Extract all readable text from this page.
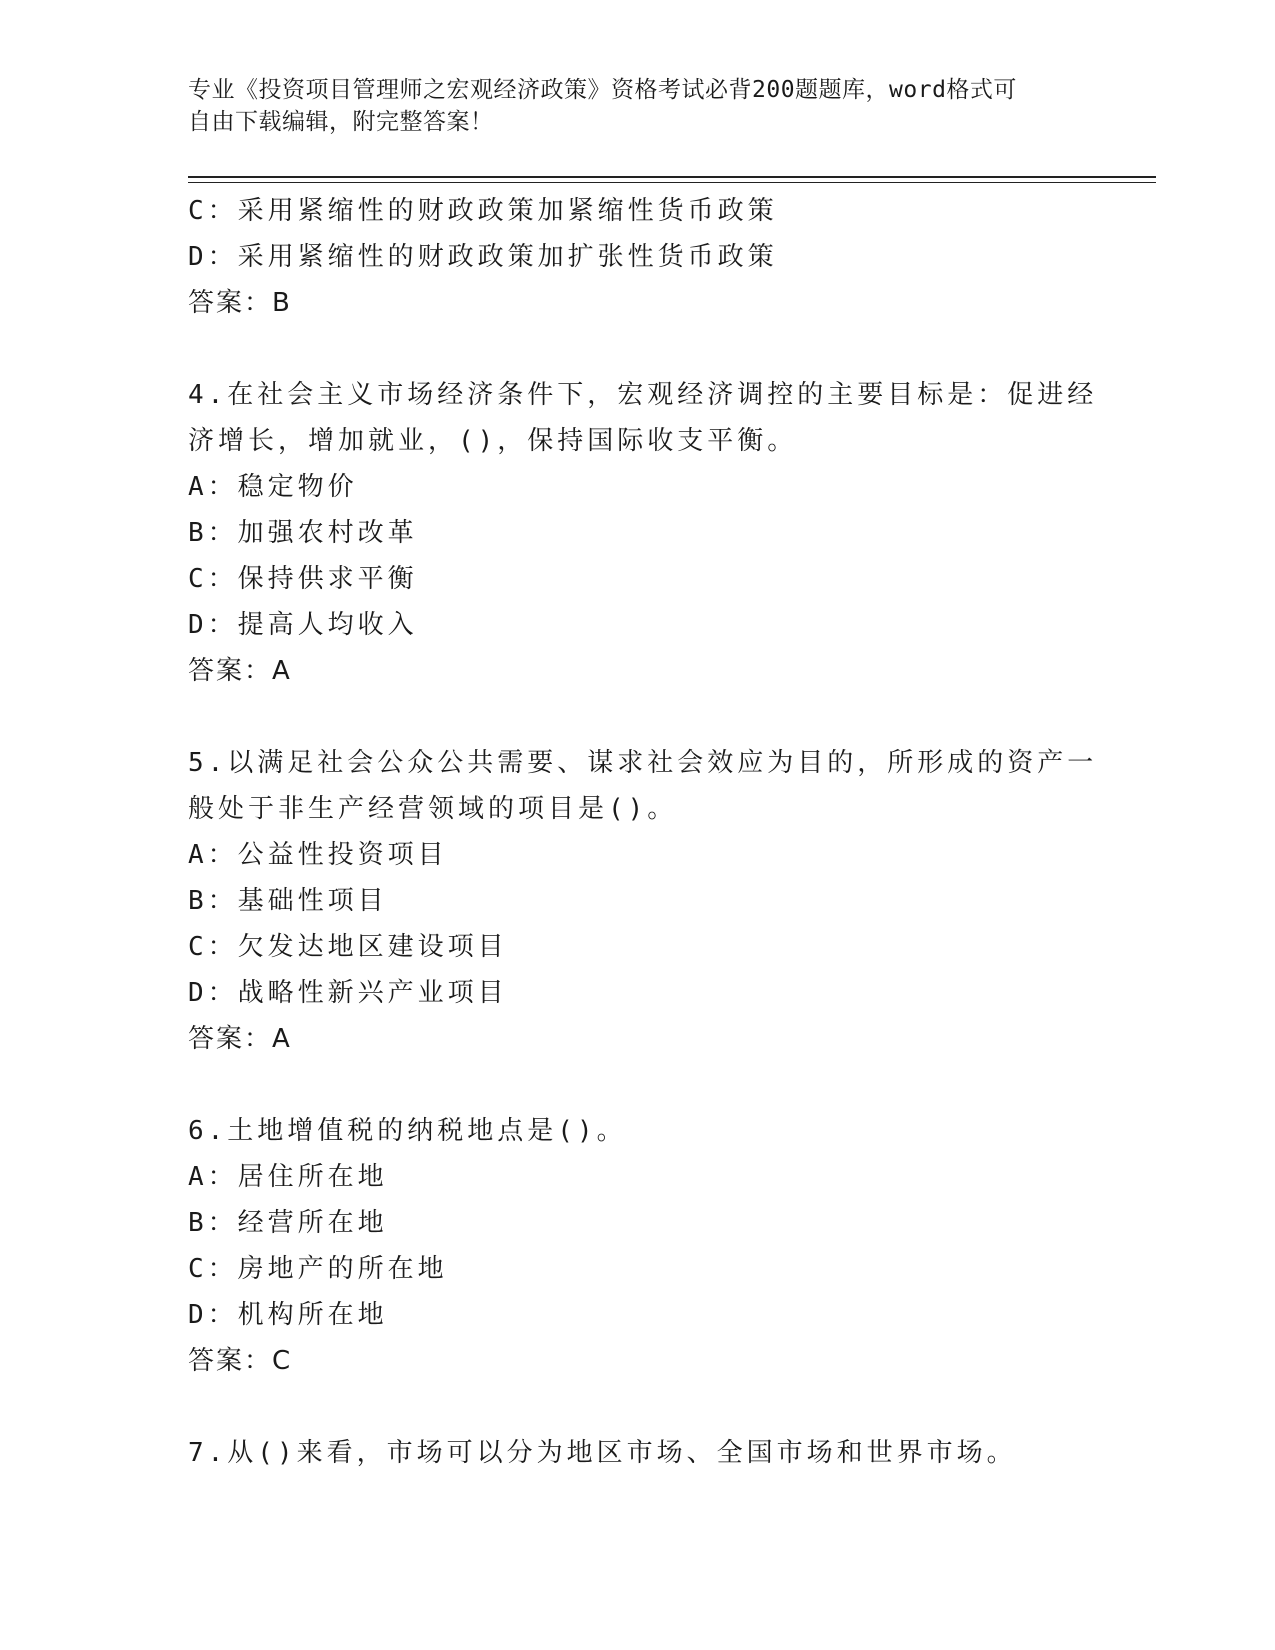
专业《投资项目管理师之宏观经济政策》资格考试必背200题题库，word格式可
自由下载编辑，附完整答案！
C：采用紧缩性的财政政策加紧缩性货币政策
D：采用紧缩性的财政政策加扩张性货币政策
答案：B
4.在社会主义市场经济条件下，宏观经济调控的主要目标是：促进经
济增长，增加就业，()，保持国际收支平衡。
A：稳定物价
B：加强农村改革
C：保持供求平衡
D：提高人均收入
答案：A
5.以满足社会公众公共需要、谋求社会效应为目的，所形成的资产一
般处于非生产经营领域的项目是()。
A：公益性投资项目
B：基础性项目
C：欠发达地区建设项目
D：战略性新兴产业项目
答案：A
6.土地增值税的纳税地点是()。
A：居住所在地
B：经营所在地
C：房地产的所在地
D：机构所在地
答案：C
7.从()来看，市场可以分为地区市场、全国市场和世界市场。
